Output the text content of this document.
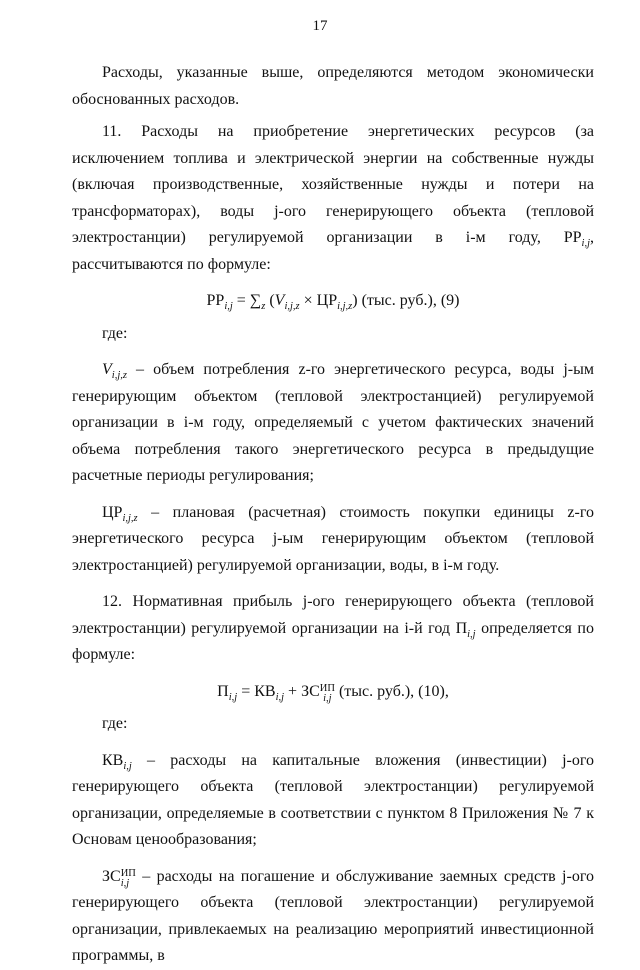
17

Расходы, указанные выше, определяются методом экономически обоснованных расходов.

11. Расходы на приобретение энергетических ресурсов (за исключением топлива и электрической энергии на собственные нужды (включая производственные, хозяйственные нужды и потери на трансформаторах), воды j-ого генерирующего объекта (тепловой электростанции) регулируемой организации в i-м году, $РР_{i,j}$, рассчитываются по формуле:

$РР_{i,j} = \sum_z$ $(V_{i,j,z} \times ЦР_{i,j,z})$ (тыс. руб.), (9)

где:

$V_{i,j,z}$ – объем потребления z-го энергетического ресурса, воды j-ым генерирующим объектом (тепловой электростанцией) регулируемой организации в i-м году, определяемый с учетом фактических значений объема потребления такого энергетического ресурса в предыдущие расчетные периоды регулирования;

$ЦР_{i,j,z}$ – плановая (расчетная) стоимость покупки единицы z-го энергетического ресурса j-ым генерирующим объектом (тепловой электростанцией) регулируемой организации, воды, в i-м году.

12. Нормативная прибыль j-ого генерирующего объекта (тепловой электростанции) регулируемой организации на i-й год $П_{i,j}$ определяется по формуле:

$П_{i,j} = КВ_{i,j}$ + ЗС ИП
i,j (тыс. руб.), (10),

где:

$КВ_{i,j}$ – расходы на капитальные вложения (инвестиции) j-ого генерирующего объекта (тепловой электростанции) регулируемой организации, определяемые в соответствии с пунктом 8 Приложения № 7 к Основам ценообразования;

ЗС ИП
i,j – расходы на погашение и обслуживание заемных средств j-ого генерирующего объекта (тепловой электростанции) регулируемой организации, привлекаемых на реализацию мероприятий инвестиционной программы, в
